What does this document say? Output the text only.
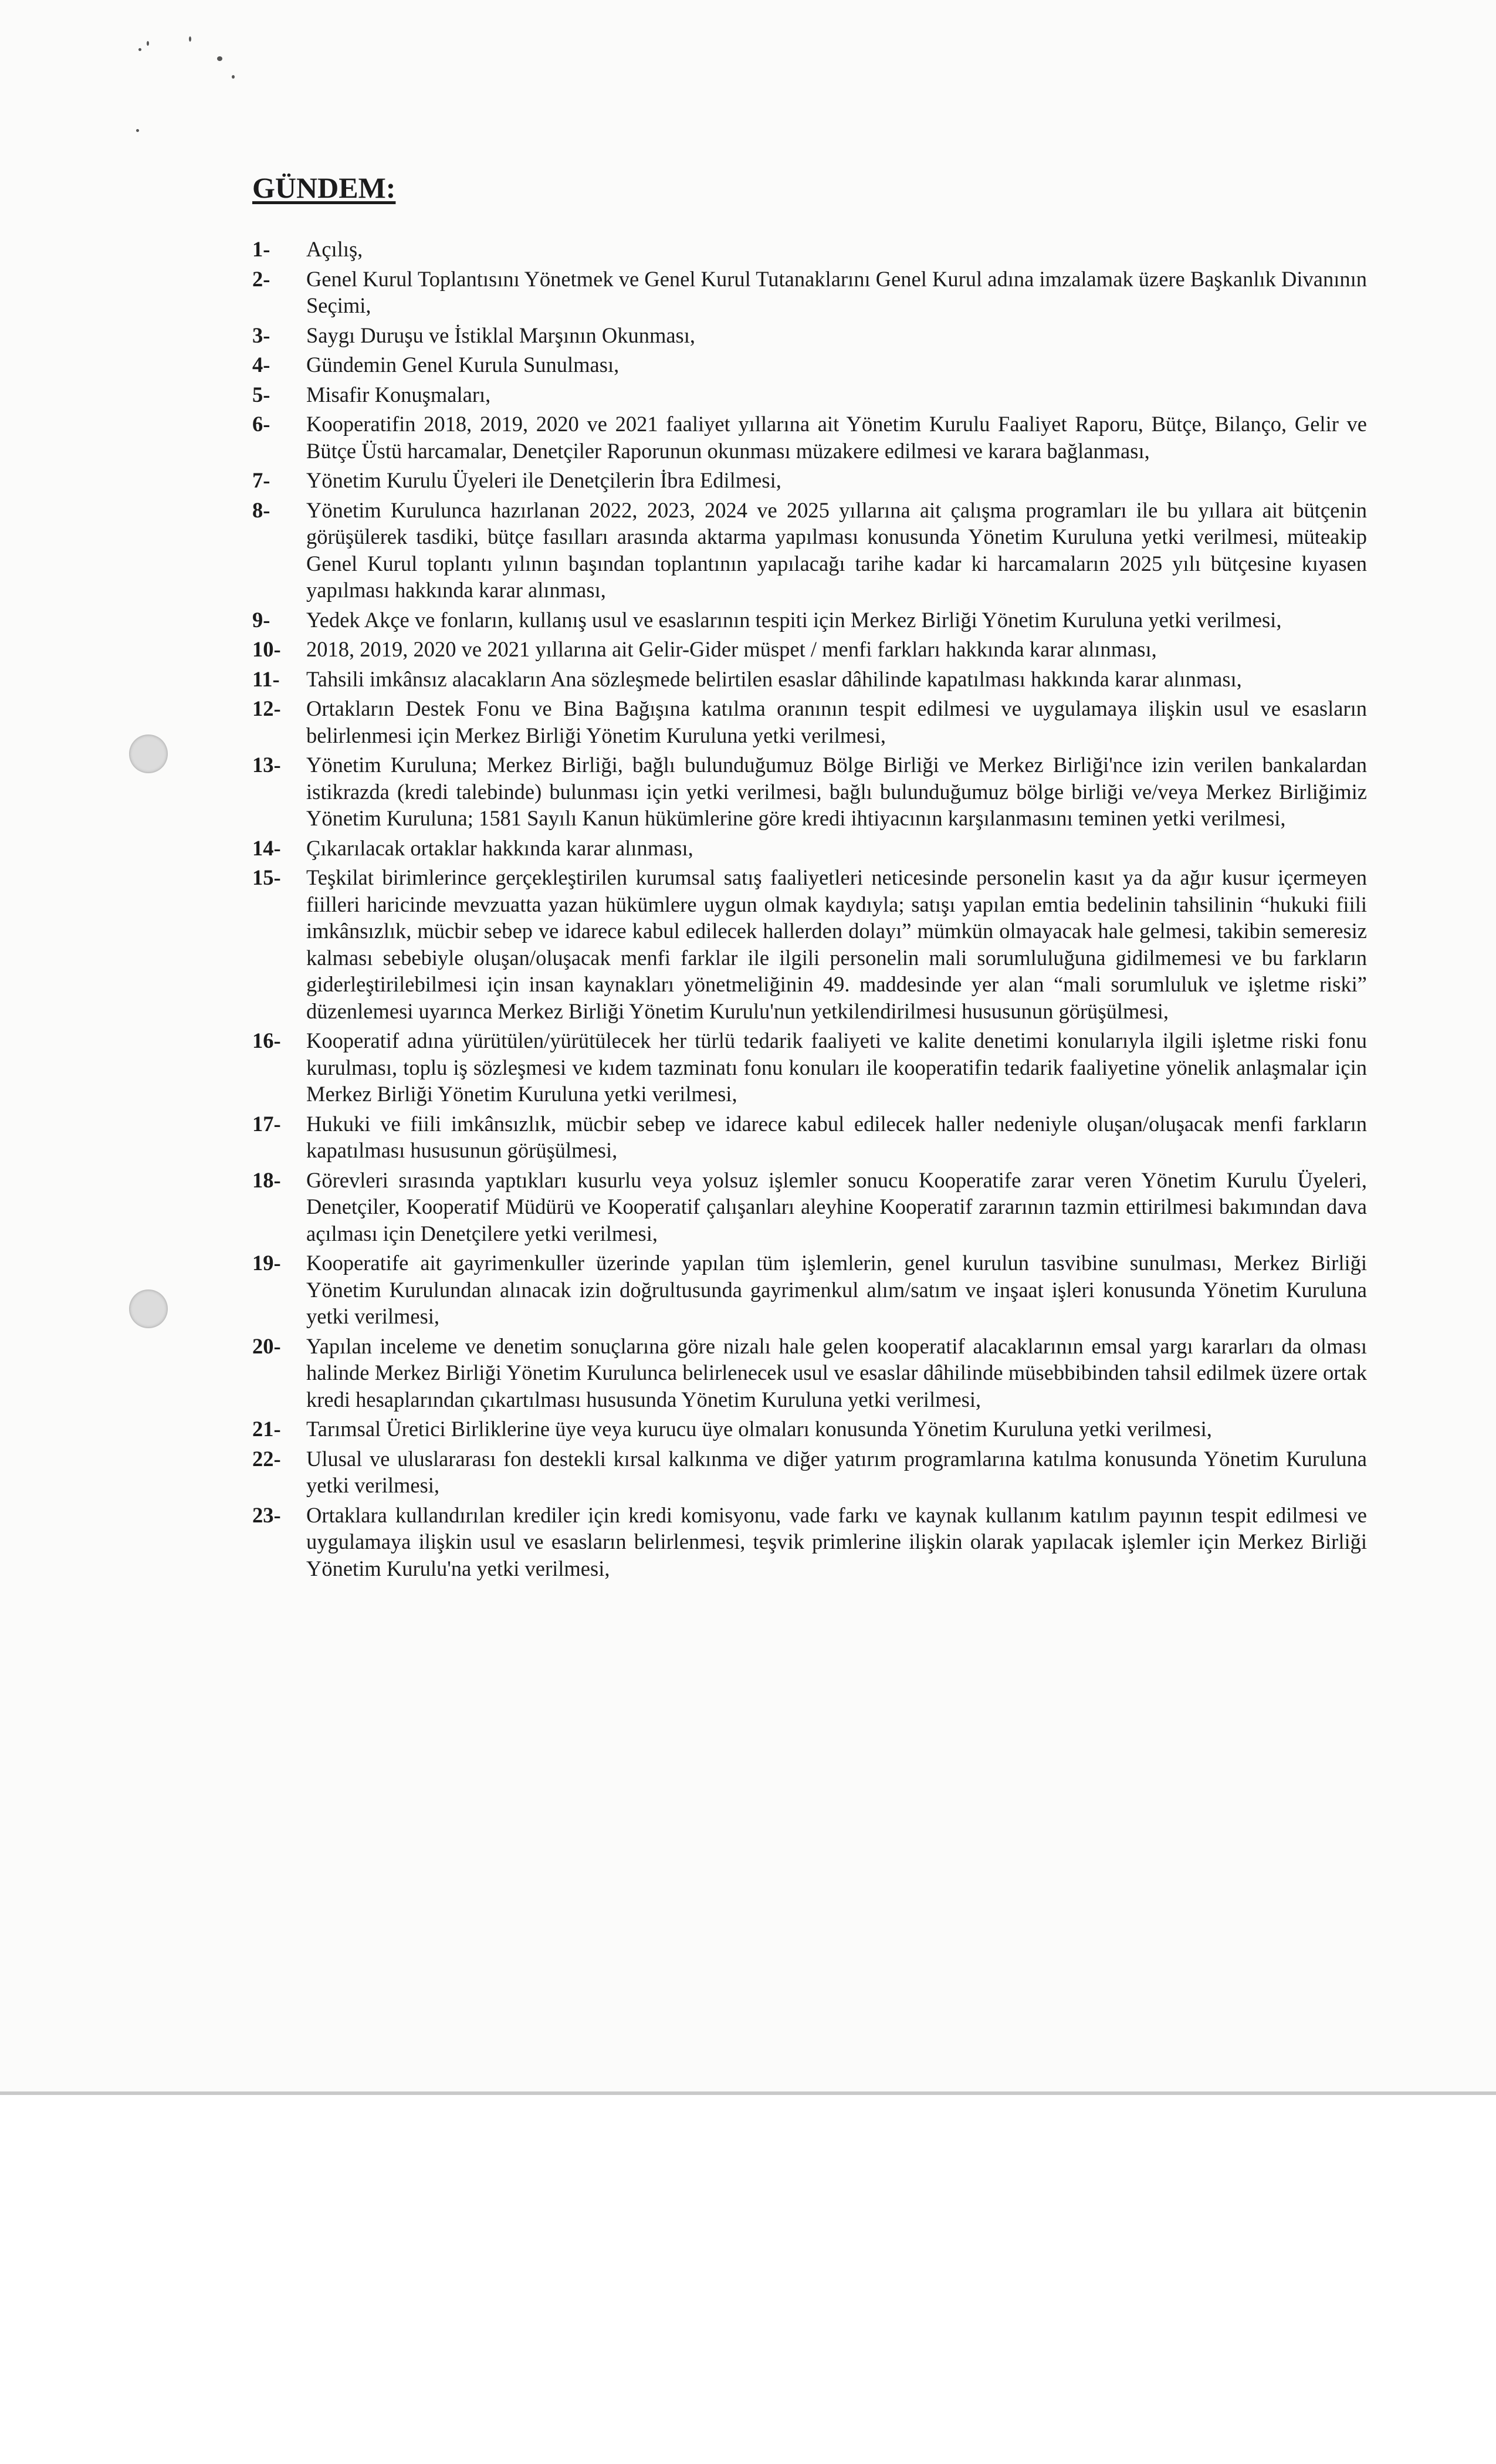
GÜNDEM:
1-	Açılış,
2-	Genel Kurul Toplantısını Yönetmek ve Genel Kurul Tutanaklarını Genel Kurul adına imzalamak üzere Başkanlık Divanının Seçimi,
3-	Saygı Duruşu ve İstiklal Marşının Okunması,
4-	Gündemin Genel Kurula Sunulması,
5-	Misafir Konuşmaları,
6-	Kooperatifin 2018, 2019, 2020 ve 2021 faaliyet yıllarına ait Yönetim Kurulu Faaliyet Raporu, Bütçe, Bilanço, Gelir ve Bütçe Üstü harcamalar, Denetçiler Raporunun okunması müzakere edilmesi ve karara bağlanması,
7-	Yönetim Kurulu Üyeleri ile Denetçilerin İbra Edilmesi,
8-	Yönetim Kurulunca hazırlanan 2022, 2023, 2024 ve 2025 yıllarına ait çalışma programları ile bu yıllara ait bütçenin görüşülerek tasdiki, bütçe fasılları arasında aktarma yapılması konusunda Yönetim Kuruluna yetki verilmesi, müteakip Genel Kurul toplantı yılının başından toplantının yapılacağı tarihe kadar ki harcamaların 2025 yılı bütçesine kıyasen yapılması hakkında karar alınması,
9-	Yedek Akçe ve fonların, kullanış usul ve esaslarının tespiti için Merkez Birliği Yönetim Kuruluna yetki verilmesi,
10-	2018, 2019, 2020 ve 2021 yıllarına ait Gelir-Gider müspet / menfi farkları hakkında karar alınması,
11-	Tahsili imkânsız alacakların Ana sözleşmede belirtilen esaslar dâhilinde kapatılması hakkında karar alınması,
12-	Ortakların Destek Fonu ve Bina Bağışına katılma oranının tespit edilmesi ve uygulamaya ilişkin usul ve esasların belirlenmesi için Merkez Birliği Yönetim Kuruluna yetki verilmesi,
13-	Yönetim Kuruluna; Merkez Birliği, bağlı bulunduğumuz Bölge Birliği ve Merkez Birliği'nce izin verilen bankalardan istikrazda (kredi talebinde) bulunması için yetki verilmesi, bağlı bulunduğumuz bölge birliği ve/veya Merkez Birliğimiz Yönetim Kuruluna; 1581 Sayılı Kanun hükümlerine göre kredi ihtiyacının karşılanmasını teminen yetki verilmesi,
14-	Çıkarılacak ortaklar hakkında karar alınması,
15-	Teşkilat birimlerince gerçekleştirilen kurumsal satış faaliyetleri neticesinde personelin kasıt ya da ağır kusur içermeyen fiilleri haricinde mevzuatta yazan hükümlere uygun olmak kaydıyla; satışı yapılan emtia bedelinin tahsilinin “hukuki fiili imkânsızlık, mücbir sebep ve idarece kabul edilecek hallerden dolayı” mümkün olmayacak hale gelmesi, takibin semeresiz kalması sebebiyle oluşan/oluşacak menfi farklar ile ilgili personelin mali sorumluluğuna gidilmemesi ve bu farkların giderleştirilebilmesi için insan kaynakları yönetmeliğinin 49. maddesinde yer alan “mali sorumluluk ve işletme riski” düzenlemesi uyarınca Merkez Birliği Yönetim Kurulu'nun yetkilendirilmesi hususunun görüşülmesi,
16-	Kooperatif adına yürütülen/yürütülecek her türlü tedarik faaliyeti ve kalite denetimi konularıyla ilgili işletme riski fonu kurulması, toplu iş sözleşmesi ve kıdem tazminatı fonu konuları ile kooperatifin tedarik faaliyetine yönelik anlaşmalar için Merkez Birliği Yönetim Kuruluna yetki verilmesi,
17-	Hukuki ve fiili imkânsızlık, mücbir sebep ve idarece kabul edilecek haller nedeniyle oluşan/oluşacak menfi farkların kapatılması hususunun görüşülmesi,
18-	Görevleri sırasında yaptıkları kusurlu veya yolsuz işlemler sonucu Kooperatife zarar veren Yönetim Kurulu Üyeleri, Denetçiler, Kooperatif Müdürü ve Kooperatif çalışanları aleyhine Kooperatif zararının tazmin ettirilmesi bakımından dava açılması için Denetçilere yetki verilmesi,
19-	Kooperatife ait gayrimenkuller üzerinde yapılan tüm işlemlerin, genel kurulun tasvibine sunulması, Merkez Birliği Yönetim Kurulundan alınacak izin doğrultusunda gayrimenkul alım/satım ve inşaat işleri konusunda Yönetim Kuruluna yetki verilmesi,
20-	Yapılan inceleme ve denetim sonuçlarına göre nizalı hale gelen kooperatif alacaklarının emsal yargı kararları da olması halinde Merkez Birliği Yönetim Kurulunca belirlenecek usul ve esaslar dâhilinde müsebbibinden tahsil edilmek üzere ortak kredi hesaplarından çıkartılması hususunda Yönetim Kuruluna yetki verilmesi,
21-	Tarımsal Üretici Birliklerine üye veya kurucu üye olmaları konusunda Yönetim Kuruluna yetki verilmesi,
22-	Ulusal ve uluslararası fon destekli kırsal kalkınma ve diğer yatırım programlarına katılma konusunda Yönetim Kuruluna yetki verilmesi,
23-	Ortaklara kullandırılan krediler için kredi komisyonu, vade farkı ve kaynak kullanım katılım payının tespit edilmesi ve uygulamaya ilişkin usul ve esasların belirlenmesi, teşvik primlerine ilişkin olarak yapılacak işlemler için Merkez Birliği Yönetim Kurulu'na yetki verilmesi,
